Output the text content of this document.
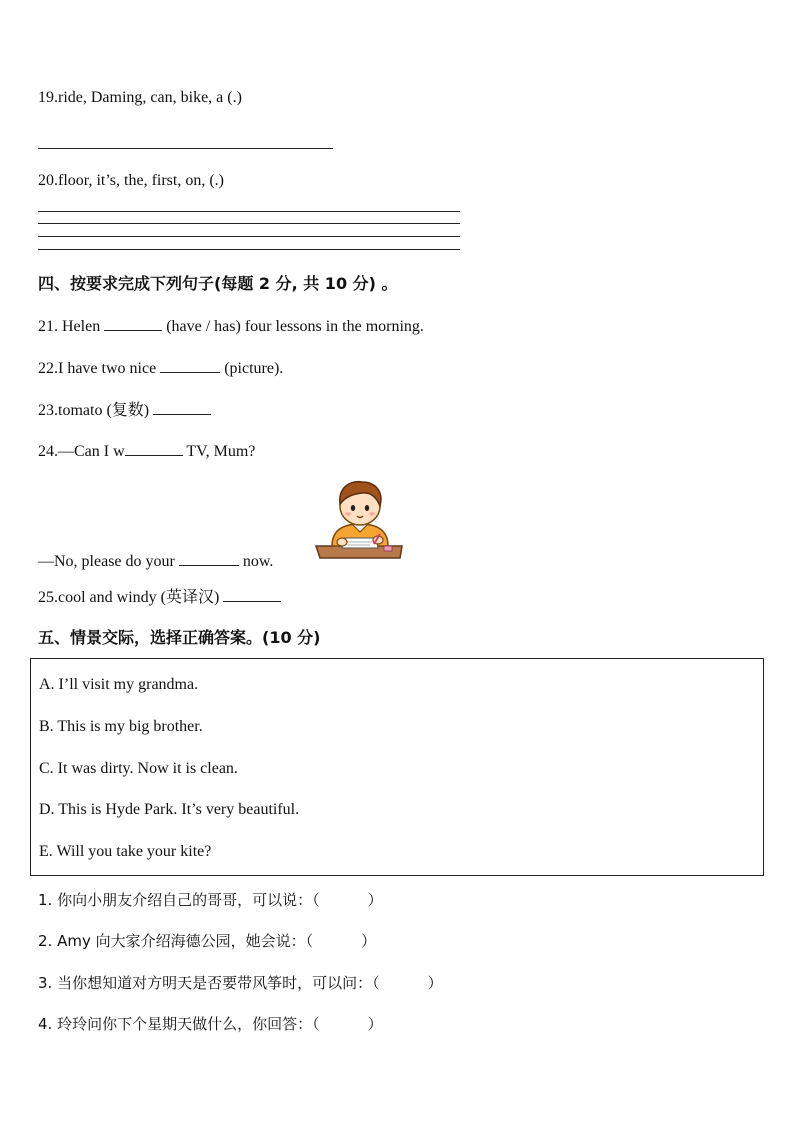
19.ride, Daming, can, bike, a (.)
20.floor, it’s, the, first, on, (.)
四、按要求完成下列句子(每题 2 分, 共 10 分) 。
21. Helen	(have / has) four lessons in the morning.
22.I have two nice	(picture).
23.tomato (复数)
24.—Can I w	TV, Mum?
—No, please do your	now.
25.cool and windy (英译汉)
五、情景交际，选择正确答案。(10 分)
A. I’ll visit my grandma.
B. This is my big brother.
C. It was dirty. Now it is clean.
D. This is Hyde Park. It’s very beautiful.
E. Will you take your kite?
1. 你向小朋友介绍自己的哥哥，可以说：（	）
2. Amy 向大家介绍海德公园，她会说：（	）
3. 当你想知道对方明天是否要带风筝时，可以问：（	）
4. 玲玲问你下个星期天做什么，你回答：（	）
